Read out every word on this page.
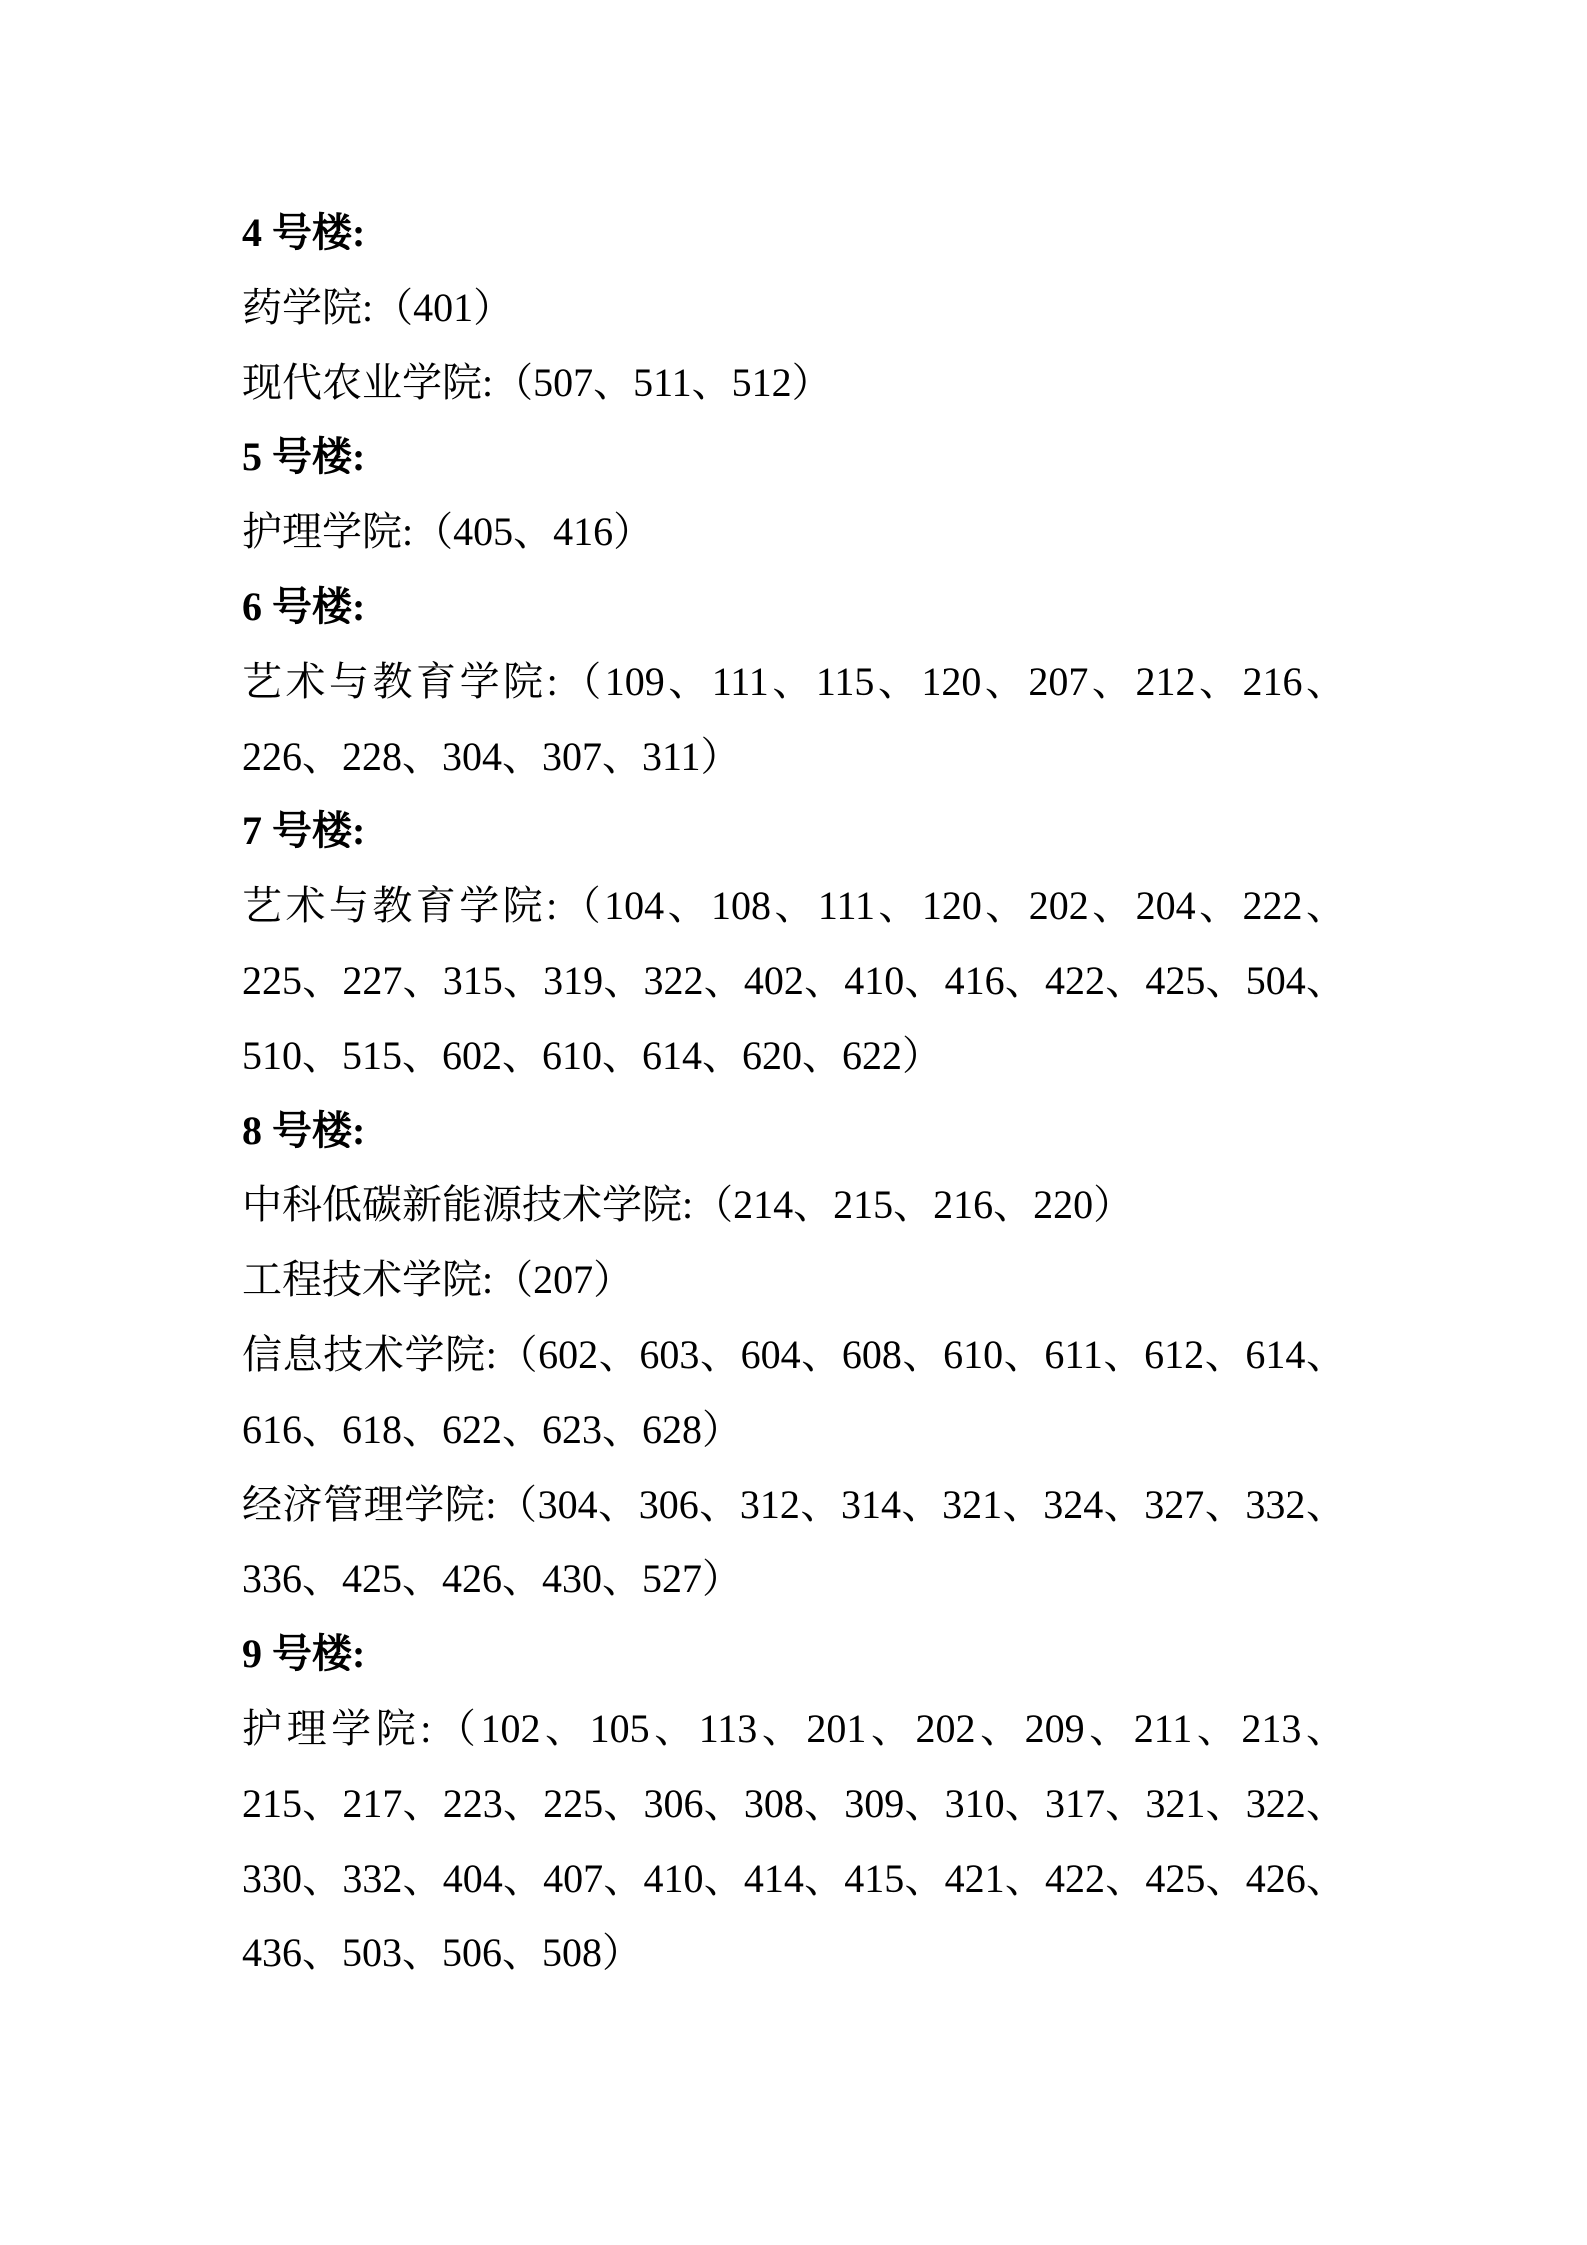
4 号楼:
药学院:（401）
现代农业学院:（507、511、512）
5 号楼:
护理学院:（405、416）
6 号楼:
艺术与教育学院:（109、111、115、120、207、212、216、
226、228、304、307、311）
7 号楼:
艺术与教育学院:（104、108、111、120、202、204、222、
225、227、315、319、322、402、410、416、422、425、504、
510、515、602、610、614、620、622）
8 号楼:
中科低碳新能源技术学院:（214、215、216、220）
工程技术学院:（207）
信息技术学院:（602、603、604、608、610、611、612、614、
616、618、622、623、628）
经济管理学院:（304、306、312、314、321、324、327、332、
336、425、426、430、527）
9 号楼:
护理学院:（102、105、113、201、202、209、211、213、
215、217、223、225、306、308、309、310、317、321、322、
330、332、404、407、410、414、415、421、422、425、426、
436、503、506、508）
